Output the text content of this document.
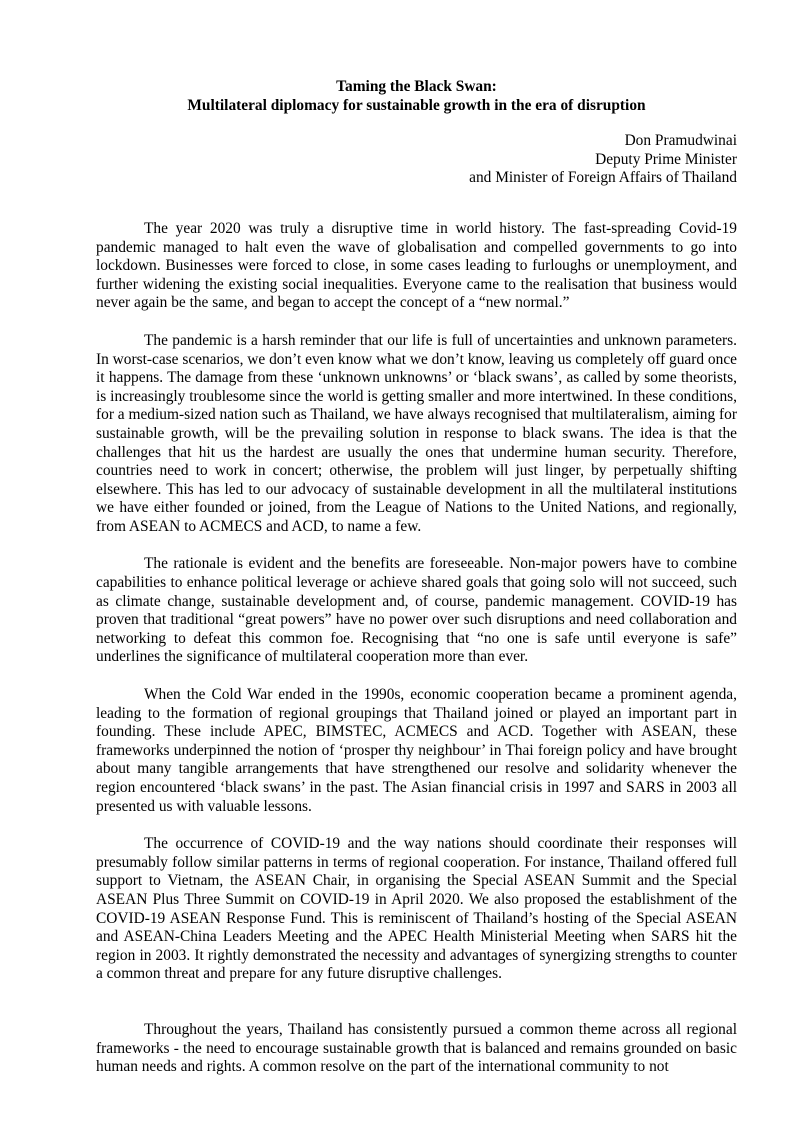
Taming the Black Swan:
Multilateral diplomacy for sustainable growth in the era of disruption
Don Pramudwinai
Deputy Prime Minister
and Minister of Foreign Affairs of Thailand

The year 2020 was truly a disruptive time in world history. The fast-spreading Covid-19 pandemic managed to halt even the wave of globalisation and compelled governments to go into lockdown. Businesses were forced to close, in some cases leading to furloughs or unemployment, and further widening the existing social inequalities. Everyone came to the realisation that business would never again be the same, and began to accept the concept of a “new normal.”

The pandemic is a harsh reminder that our life is full of uncertainties and unknown parameters. In worst-case scenarios, we don’t even know what we don’t know, leaving us completely off guard once it happens. The damage from these ‘unknown unknowns’ or ‘black swans’, as called by some theorists, is increasingly troublesome since the world is getting smaller and more intertwined. In these conditions, for a medium-sized nation such as Thailand, we have always recognised that multilateralism, aiming for sustainable growth, will be the prevailing solution in response to black swans. The idea is that the challenges that hit us the hardest are usually the ones that undermine human security. Therefore, countries need to work in concert; otherwise, the problem will just linger, by perpetually shifting elsewhere. This has led to our advocacy of sustainable development in all the multilateral institutions we have either founded or joined, from the League of Nations to the United Nations, and regionally, from ASEAN to ACMECS and ACD, to name a few.

The rationale is evident and the benefits are foreseeable. Non-major powers have to combine capabilities to enhance political leverage or achieve shared goals that going solo will not succeed, such as climate change, sustainable development and, of course, pandemic management. COVID-19 has proven that traditional “great powers” have no power over such disruptions and need collaboration and networking to defeat this common foe. Recognising that “no one is safe until everyone is safe” underlines the significance of multilateral cooperation more than ever.

When the Cold War ended in the 1990s, economic cooperation became a prominent agenda, leading to the formation of regional groupings that Thailand joined or played an important part in founding. These include APEC, BIMSTEC, ACMECS and ACD. Together with ASEAN, these frameworks underpinned the notion of ‘prosper thy neighbour’ in Thai foreign policy and have brought about many tangible arrangements that have strengthened our resolve and solidarity whenever the region encountered ‘black swans’ in the past. The Asian financial crisis in 1997 and SARS in 2003 all presented us with valuable lessons.

The occurrence of COVID-19 and the way nations should coordinate their responses will presumably follow similar patterns in terms of regional cooperation. For instance, Thailand offered full support to Vietnam, the ASEAN Chair, in organising the Special ASEAN Summit and the Special ASEAN Plus Three Summit on COVID-19 in April 2020. We also proposed the establishment of the COVID-19 ASEAN Response Fund. This is reminiscent of Thailand’s hosting of the Special ASEAN and ASEAN-China Leaders Meeting and the APEC Health Ministerial Meeting when SARS hit the region in 2003. It rightly demonstrated the necessity and advantages of synergizing strengths to counter a common threat and prepare for any future disruptive challenges.

Throughout the years, Thailand has consistently pursued a common theme across all regional frameworks - the need to encourage sustainable growth that is balanced and remains grounded on basic human needs and rights. A common resolve on the part of the international community to not
